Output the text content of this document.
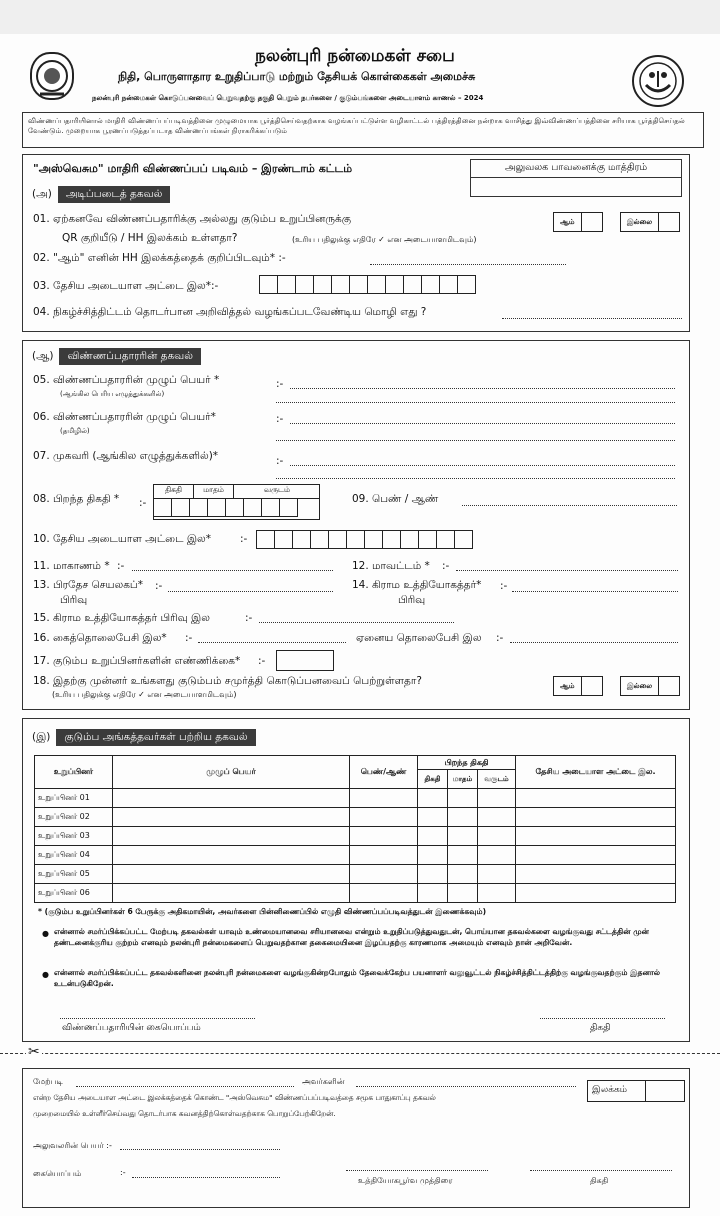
நலன்புரி நன்மைகள் சபை
நிதி, பொருளாதார உறுதிப்பாடு மற்றும் தேசியக் கொள்கைகள் அமைச்சு
நலன்புரி நன்மைகள் கொடுப்பனவைப் பெறுவதற்கு தகுதி பெறும் நபர்களை / குடும்பங்களை அடையாளம் காணல் – 2024
விண்ணப்பதாரியினால் மாதிரி விண்ணப்பப்படிவத்தினை முழுமையாக பூர்த்திசெய்வதற்காக வழங்கப்பட்டுள்ள வழிகாட்டல் பத்திரத்தினை நன்றாக வாசித்து இவ்விண்ணப்பத்தினை சரியாக பூர்த்திசெய்தல் வேண்டும். முறையாக பூரணப்படுத்தப்படாத விண்ணப்பங்கள் நிராகரிக்கப்படும்
"அஸ்வெசும" மாதிரி விண்ணப்பப் படிவம் – இரண்டாம் கட்டம்	அலுவலக பாவனைக்கு மாத்திரம்
(அ)	அடிப்படைத் தகவல்
01. ஏற்கனவே விண்ணப்பதாரிக்கு அல்லது குடும்ப உறுப்பினருக்கு
QR குறியீடு / HH இலக்கம் உள்ளதா?	(உரிய பதிலுக்கு எதிரே ✓ என அடையாளமிடவும்)
ஆம்	இல்லை
02. "ஆம்" எனின் HH இலக்கத்தைக் குறிப்பிடவும்* :-
03. தேசிய அடையாள அட்டை இல*:-
04. நிகழ்ச்சித்திட்டம் தொடர்பான அறிவித்தல் வழங்கப்படவேண்டிய மொழி எது ?
(ஆ)	விண்ணப்பதாரரின் தகவல்
05. விண்ணப்பதாரரின் முழுப் பெயர் *
(ஆங்கில பெரிய எழுத்துக்களில்)
:-
06. விண்ணப்பதாரரின் முழுப் பெயர்*
(தமிழில்)
:-
07. முகவரி (ஆங்கில எழுத்துக்களில்)*	:-
08. பிறந்த திகதி * :-
திகதி	மாதம்	வருடம்
09. பெண் / ஆண்
10. தேசிய அடையாள அட்டை இல*	:-
11. மாகாணம் * :-	12. மாவட்டம் * :-
13. பிரதேச செயலகப்*
பிரிவு
:-	14. கிராம உத்தியோகத்தர்*
பிரிவு
:-
15. கிராம உத்தியோகத்தர் பிரிவு இல	:-
16. கைத்தொலைபேசி இல* :-	ஏனைய தொலைபேசி இல :-
17. குடும்ப உறுப்பினர்களின் எண்ணிக்கை* :-
18. இதற்கு முன்னர் உங்களது குடும்பம் சமுர்த்தி கொடுப்பனவைப் பெற்றுள்ளதா?
(உரிய பதிலுக்கு எதிரே ✓ என அடையாளமிடவும்)
ஆம்	இல்லை
(இ)	குடும்ப அங்கத்தவர்கள் பற்றிய தகவல்
உறுப்பினர்	முழுப் பெயர்	பெண்/ஆண்	பிறந்த திகதி			தேசிய அடையாள அட்டை இல.
			திகதி	மாதம்	வருடம்	
உறுப்பினர் 01						
உறுப்பினர் 02						
உறுப்பினர் 03						
உறுப்பினர் 04						
உறுப்பினர் 05						
உறுப்பினர் 06						
* (குடும்ப உறுப்பினர்கள் 6 பேருக்கு அதிகமாயின், அவர்களை பின்னிணைப்பில் எழுதி விண்ணப்பப்படிவத்துடன் இணைக்கவும்)
● என்னால் சமர்ப்பிக்கப்பட்ட மேற்படி தகவல்கள் யாவும் உண்மையானவை சரியானவை என்றும் உறுதிப்படுத்துவதுடன், பொய்யான தகவல்களை வழங்குவது சட்டத்தின் முன் தண்டனைக்குரிய குற்றம் எனவும் நலன்புரி நன்மைகளைப் பெறுவதற்கான தகைமையினை இழப்பதற்கு காரணமாக அமையும் எனவும் நான் அறிவேன்.
● என்னால் சமர்ப்பிக்கப்பட்ட தகவல்களினை நலன்புரி நன்மைகளை வழங்குகின்றபோதும் தேவைக்கேற்ப பயனாளர் வலுவூட்டல் நிகழ்ச்சித்திட்டத்திற்கு வழங்குவதற்கும் இதனால் உடன்படுகிறேன்.
விண்ணப்பதாரியின் கையொப்பம்	திகதி
✂
மேற்படி	அவர்களின்
இலக்கம்
என்ற தேசிய அடையாள அட்டை இலக்கத்தைக் கொண்ட "அஸ்வெசும" விண்ணப்பப்படிவத்தை சமூக பாதுகாப்பு தகவல்
முறைமையில் உள்ளீர்செய்வது தொடர்பாக கவனத்திற்கொள்வதற்காக பொறுப்பேற்கிறேன்.
அலுவலரின் பெயர் :-
கையொப்பம்	:-
உத்தியோகபூர்வ முத்திரை	திகதி
